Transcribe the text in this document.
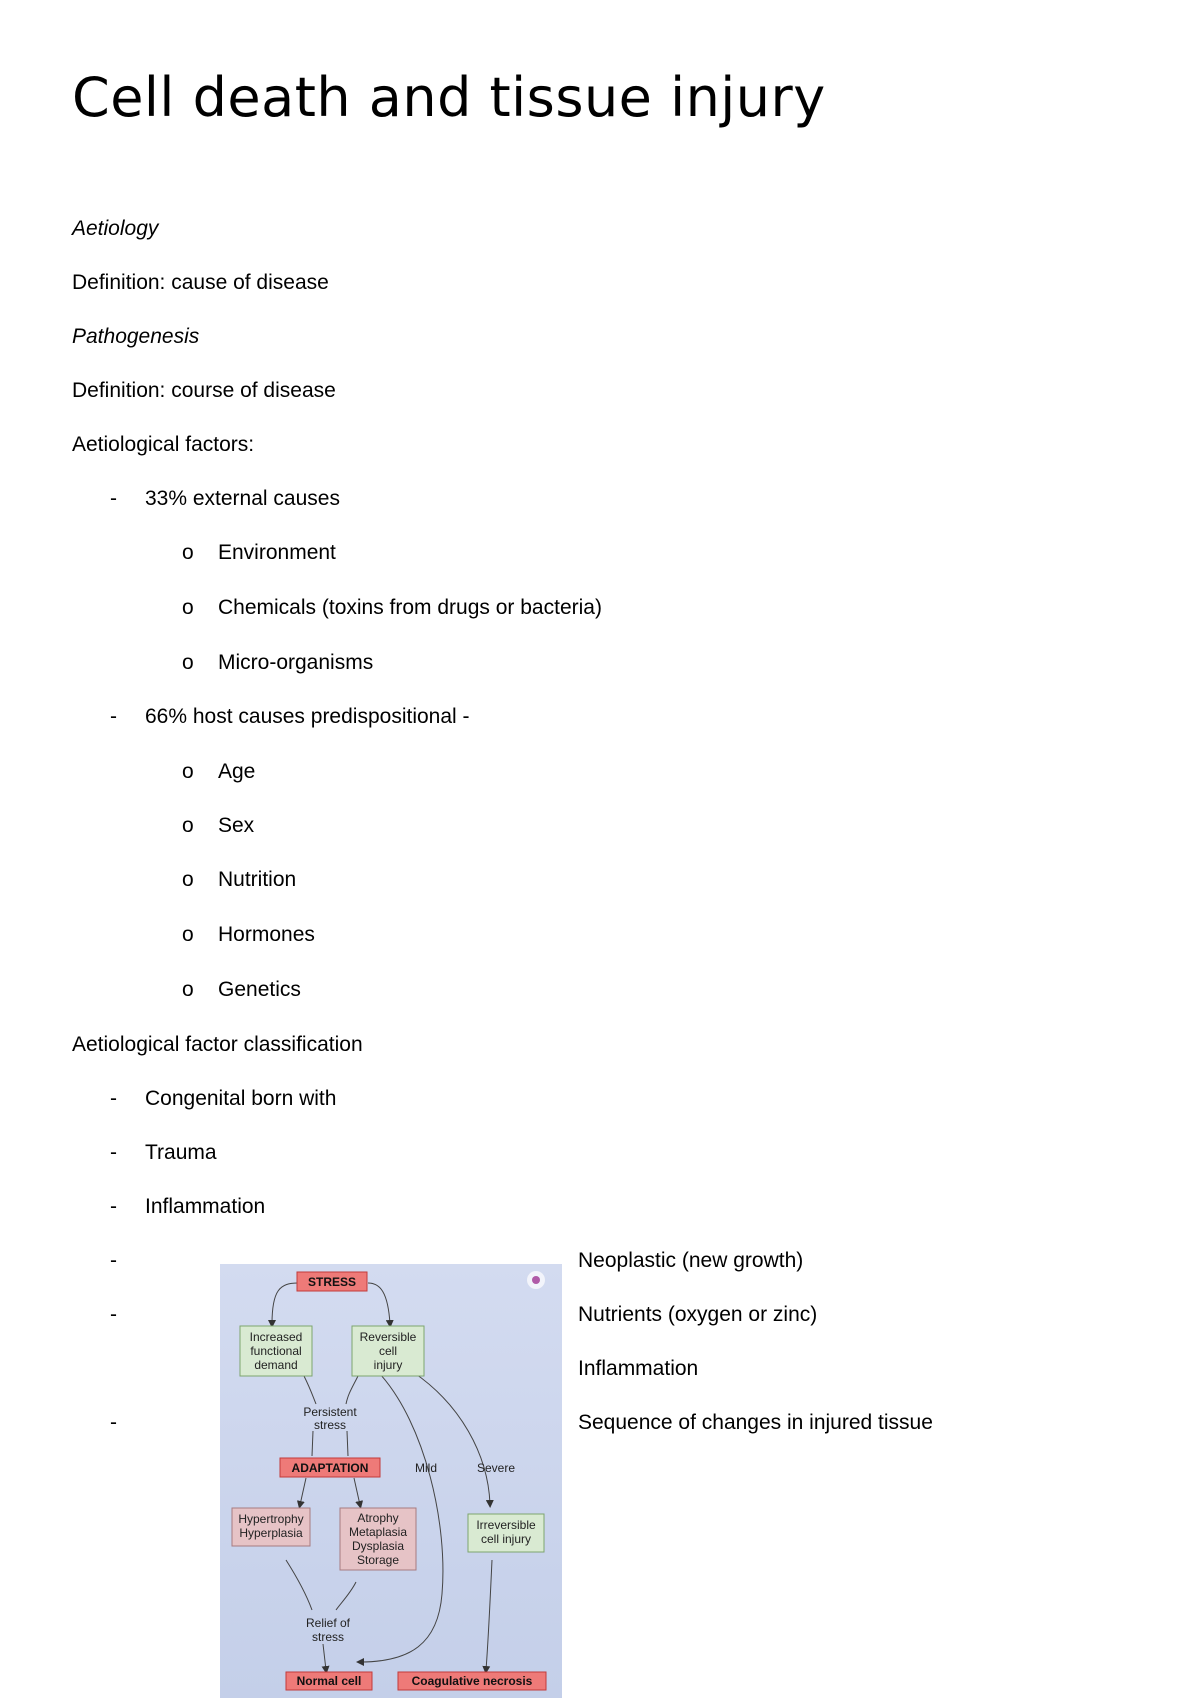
Cell death and tissue injury
Aetiology
Definition: cause of disease
Pathogenesis
Definition: course of disease
Aetiological factors:
- 33% external causes
o Environment
o Chemicals (toxins from drugs or bacteria)
o Micro-organisms
- 66% host causes predispositional -
o Age
o Sex
o Nutrition
o Hormones
o Genetics
Aetiological factor classification
- Congenital born with
- Trauma
- Inflammation
-	Neoplastic (new growth)
-	Nutrients (oxygen or zinc)
Inflammation
-	Sequence of changes in injured tissue
STRESS
Increased
functional
demand
Reversible
cell
injury
Persistent
stress
ADAPTATION	Mild	Severe
Hypertrophy
Hyperplasia
Atrophy
Metaplasia
Dysplasia
Storage
Irreversible
cell injury
Relief of
stress
Normal cell	Coagulative necrosis
